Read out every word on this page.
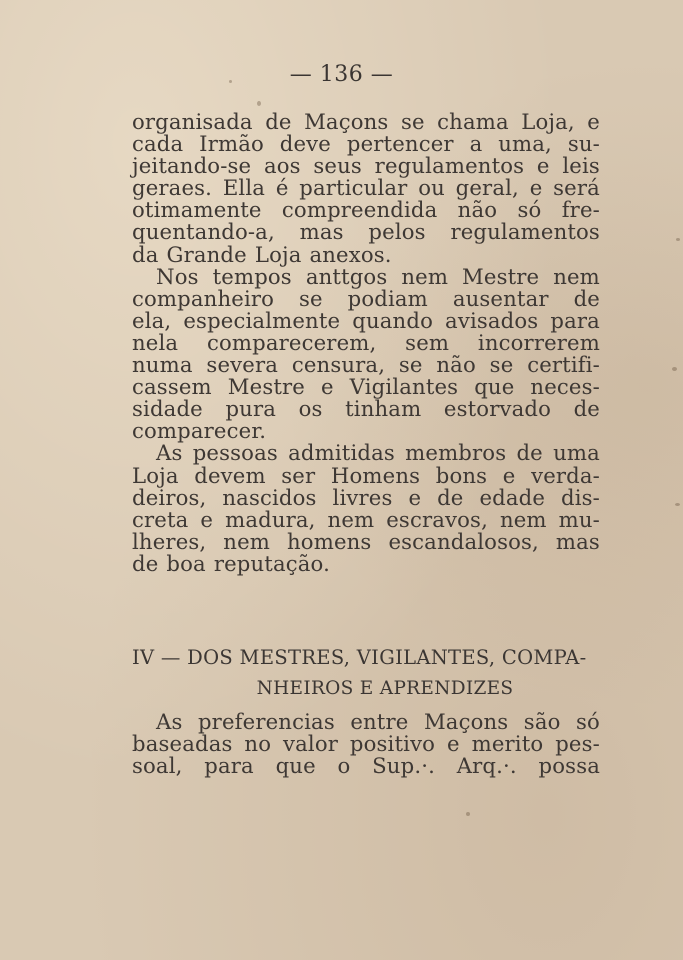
— 136 —
organisada de Maçons se chama Loja, e
cada Irmão deve pertencer a uma, su-
jeitando-se aos seus regulamentos e leis
geraes. Ella é particular ou geral, e será
otimamente compreendida não só fre-
quentando-a, mas pelos regulamentos
da Grande Loja anexos.
Nos tempos anttgos nem Mestre nem
companheiro se podiam ausentar de
ela, especialmente quando avisados para
nela comparecerem, sem incorrerem
numa severa censura, se não se certifi-
cassem Mestre e Vigilantes que neces-
sidade pura os tinham estorvado de
comparecer.
As pessoas admitidas membros de uma
Loja devem ser Homens bons e verda-
deiros, nascidos livres e de edade dis-
creta e madura, nem escravos, nem mu-
lheres, nem homens escandalosos, mas
de boa reputação.
IV — DOS MESTRES, VIGILANTES, COMPA-
NHEIROS E APRENDIZES
As preferencias entre Maçons são só
baseadas no valor positivo e merito pes-
soal, para que o Sup.·. Arq.·. possa
